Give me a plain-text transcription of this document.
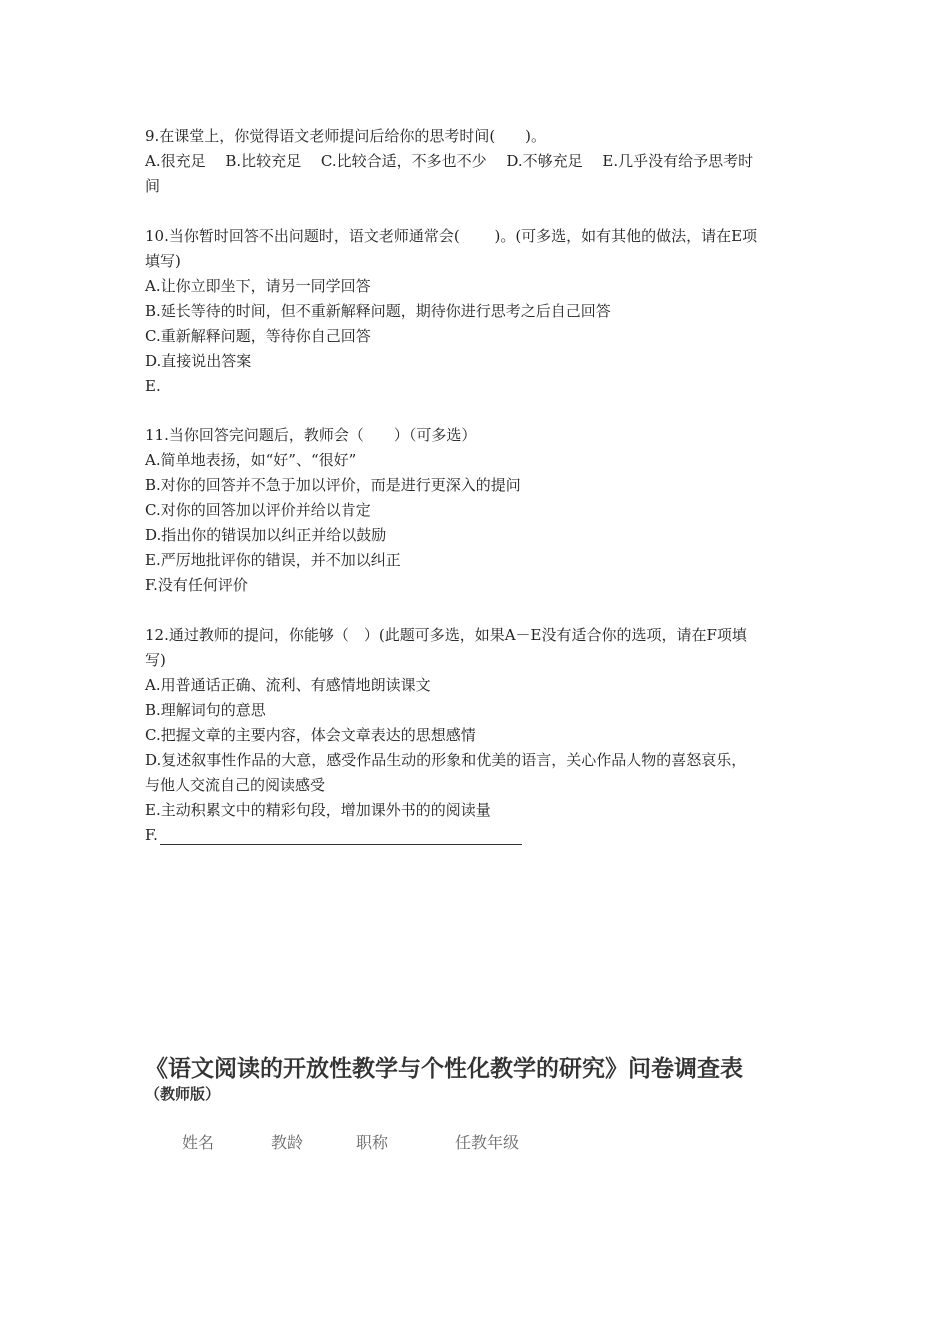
9.在课堂上，你觉得语文老师提问后给你的思考时间(　　)。
A.很充足　 B.比较充足　 C.比较合适，不多也不少　 D.不够充足　 E.几乎没有给予思考时
间
10.当你暂时回答不出问题时，语文老师通常会(　　 )。(可多选，如有其他的做法，请在E项
填写)
A.让你立即坐下，请另一同学回答
B.延长等待的时间，但不重新解释问题，期待你进行思考之后自己回答
C.重新解释问题，等待你自己回答
D.直接说出答案
E.
11.当你回答完问题后，教师会（　　）（可多选）
A.简单地表扬，如“好”、“很好”
B.对你的回答并不急于加以评价，而是进行更深入的提问
C.对你的回答加以评价并给以肯定
D.指出你的错误加以纠正并给以鼓励
E.严厉地批评你的错误，并不加以纠正
F.没有任何评价
12.通过教师的提问，你能够（　）(此题可多选，如果A－E没有适合你的选项，请在F项填
写)
A.用普通话正确、流利、有感情地朗读课文
B.理解词句的意思
C.把握文章的主要内容，体会文章表达的思想感情
D.复述叙事性作品的大意，感受作品生动的形象和优美的语言，关心作品人物的喜怒哀乐，
与他人交流自己的阅读感受
E.主动积累文中的精彩句段，增加课外书的的阅读量
F.
《语文阅读的开放性教学与个性化教学的研究》问卷调查表
（教师版）
姓名	教龄	职称	任教年级
